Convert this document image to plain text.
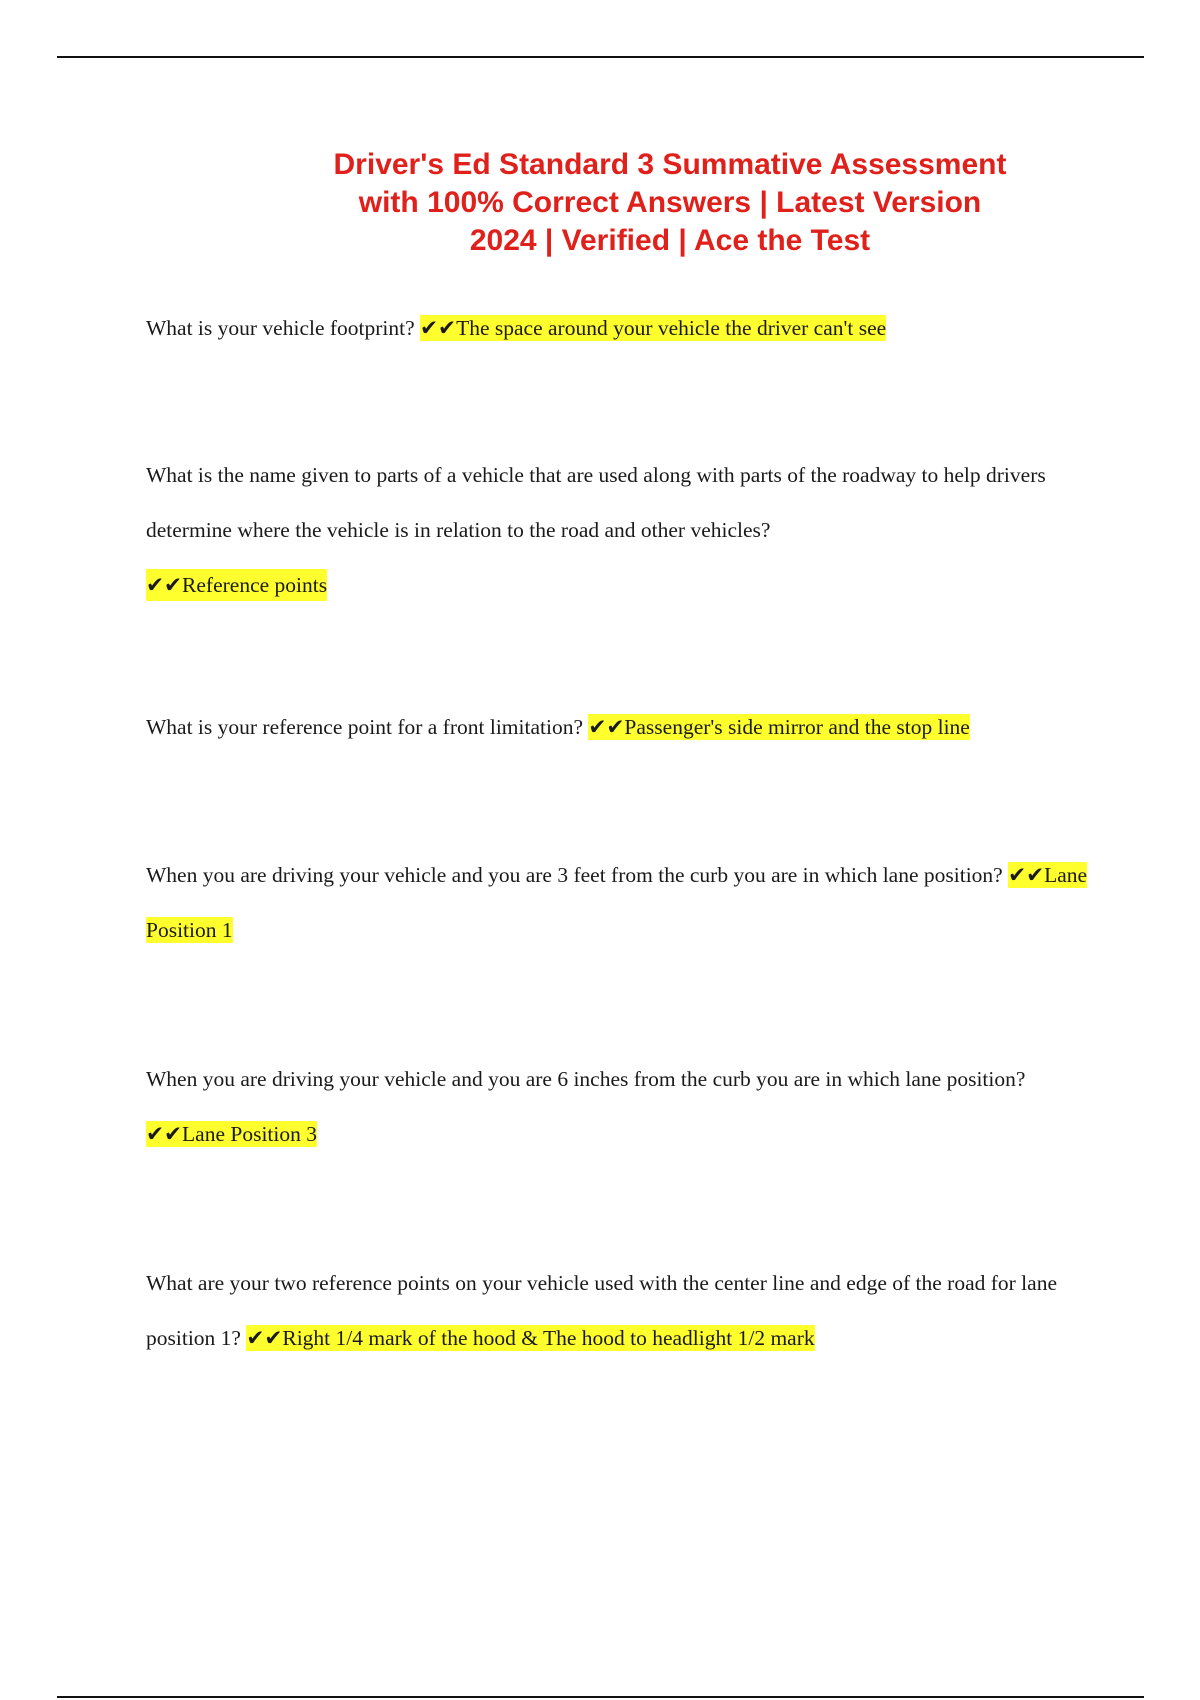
Driver's Ed Standard 3 Summative Assessment
with 100% Correct Answers | Latest Version
2024 | Verified | Ace the Test

What is your vehicle footprint? ✔✔The space around your vehicle the driver can't see

What is the name given to parts of a vehicle that are used along with parts of the roadway to help drivers determine where the vehicle is in relation to the road and other vehicles?
✔✔Reference points

What is your reference point for a front limitation? ✔✔Passenger's side mirror and the stop line

When you are driving your vehicle and you are 3 feet from the curb you are in which lane position? ✔✔Lane Position 1

When you are driving your vehicle and you are 6 inches from the curb you are in which lane position? ✔✔Lane Position 3

What are your two reference points on your vehicle used with the center line and edge of the road for lane position 1? ✔✔Right 1/4 mark of the hood & The hood to headlight 1/2 mark
